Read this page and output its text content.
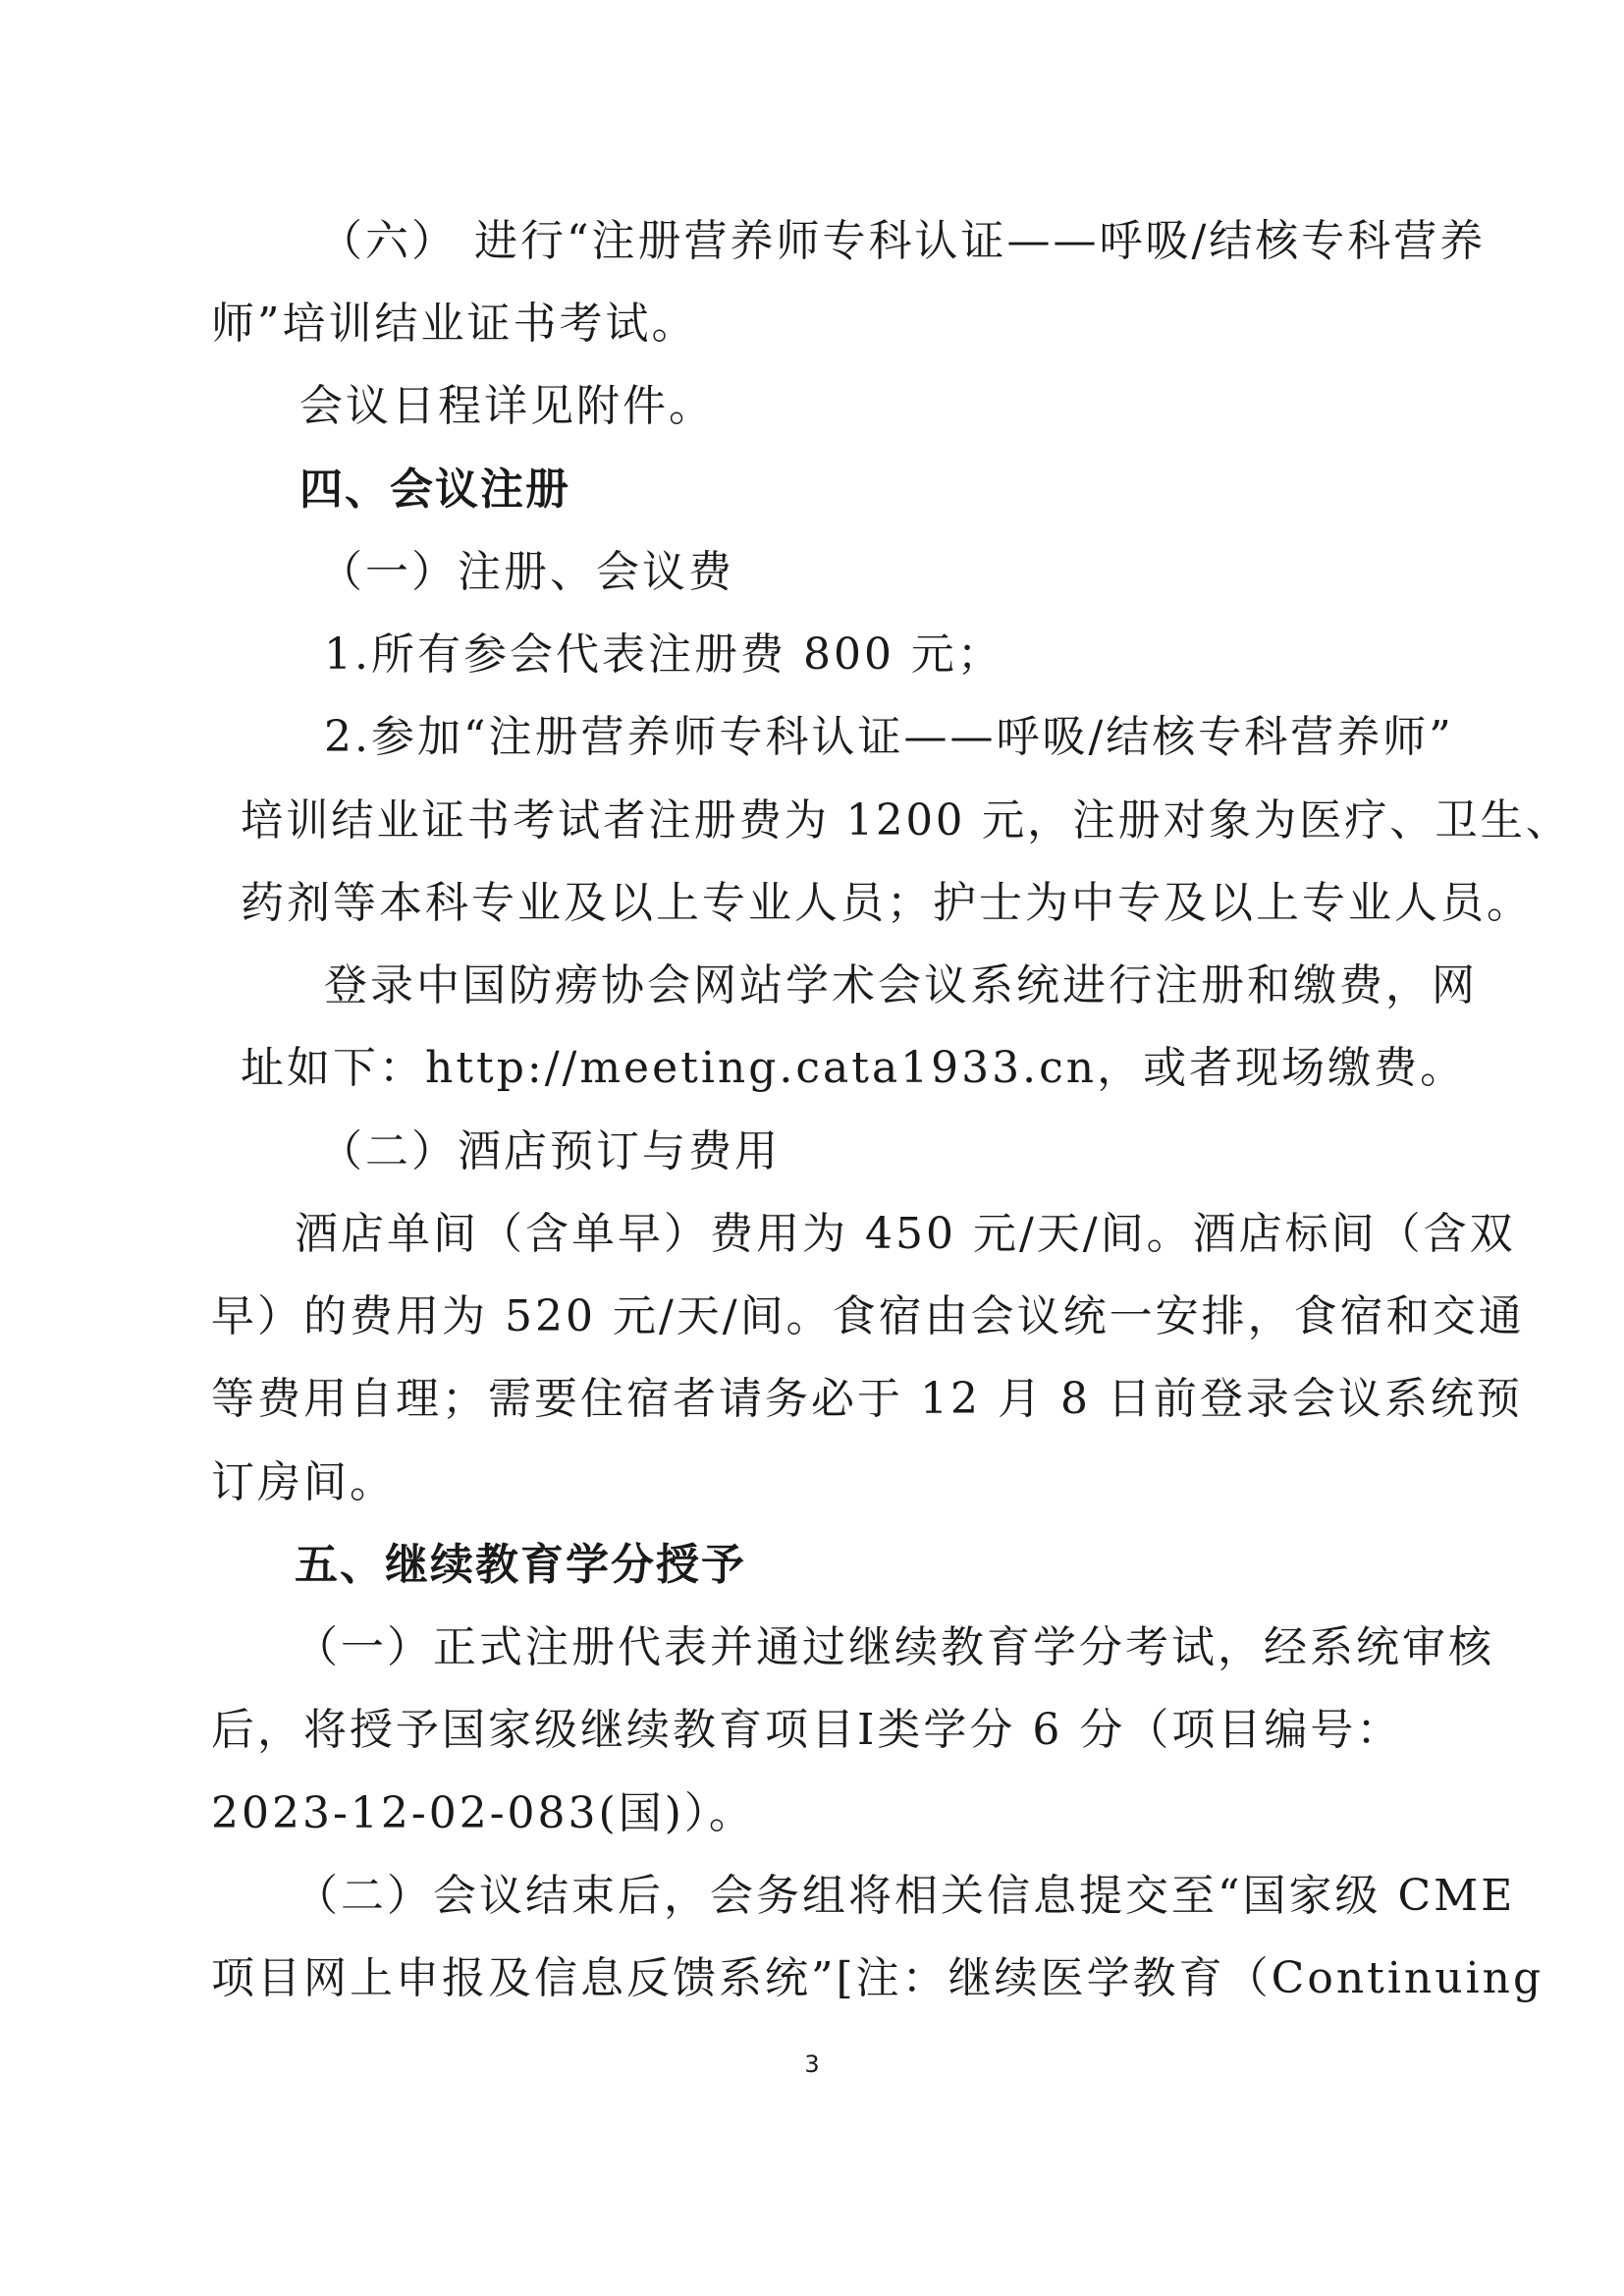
（六） 进行“注册营养师专科认证——呼吸/结核专科营养
师”培训结业证书考试。
会议日程详见附件。
四、会议注册
（一）注册、会议费
1.所有参会代表注册费 800 元；
2.参加“注册营养师专科认证——呼吸/结核专科营养师”
培训结业证书考试者注册费为 1200 元，注册对象为医疗、卫生、
药剂等本科专业及以上专业人员；护士为中专及以上专业人员。
登录中国防痨协会网站学术会议系统进行注册和缴费，网
址如下：http://meeting.cata1933.cn，或者现场缴费。
（二）酒店预订与费用
酒店单间（含单早）费用为 450 元/天/间。酒店标间（含双
早）的费用为 520 元/天/间。食宿由会议统一安排，食宿和交通
等费用自理；需要住宿者请务必于 12 月 8 日前登录会议系统预
订房间。
五、继续教育学分授予
（一）正式注册代表并通过继续教育学分考试，经系统审核
后，将授予国家级继续教育项目Ⅰ类学分 6 分（项目编号：
2023-12-02-083(国)）。
（二）会议结束后，会务组将相关信息提交至“国家级 CME
项目网上申报及信息反馈系统”[注：继续医学教育（Continuing
3
